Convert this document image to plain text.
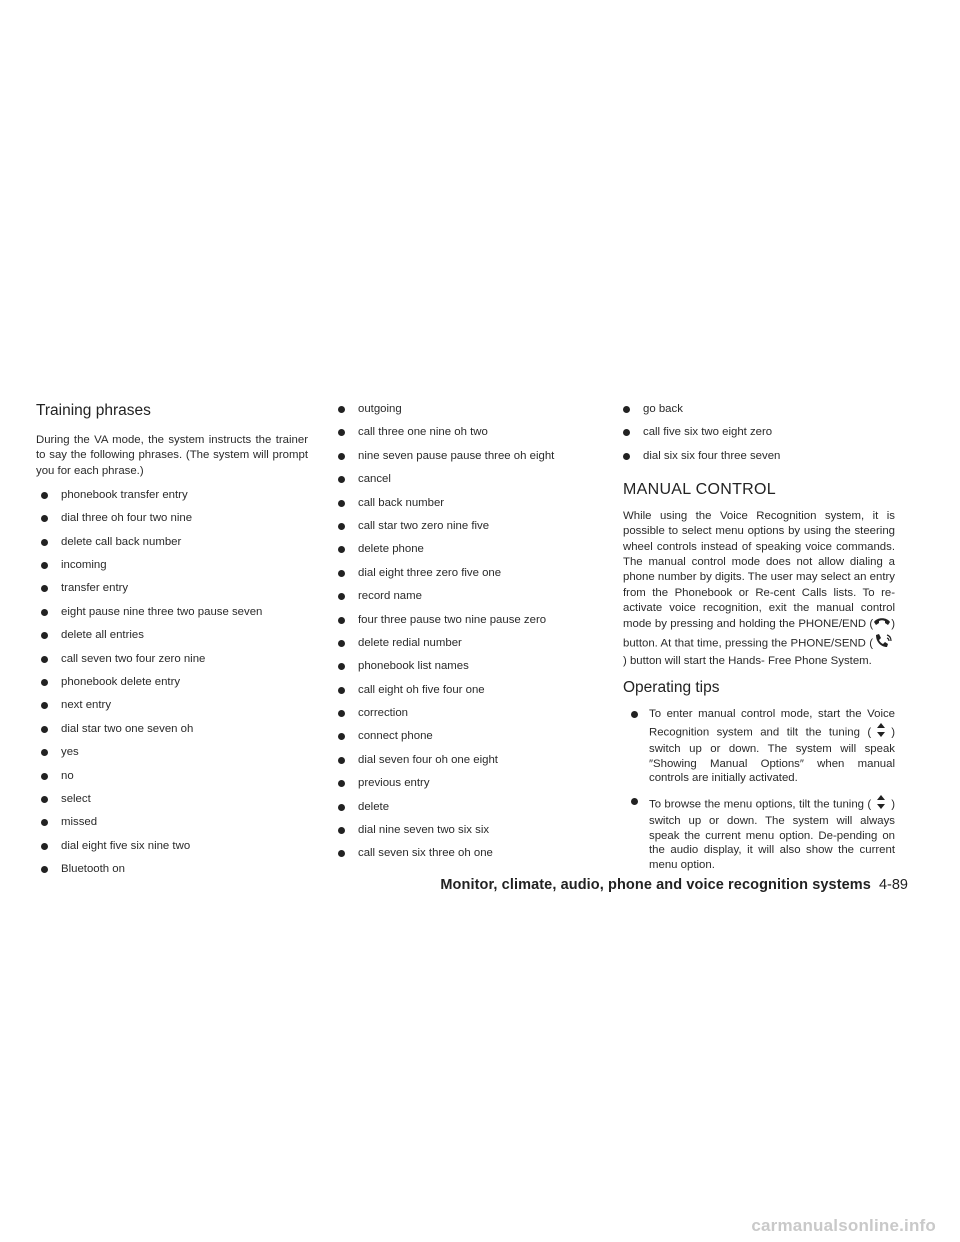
Training phrases

During the VA mode, the system instructs the trainer to say the following phrases. (The system will prompt you for each phrase.)

phonebook transfer entry
dial three oh four two nine
delete call back number
incoming
transfer entry
eight pause nine three two pause seven
delete all entries
call seven two four zero nine
phonebook delete entry
next entry
dial star two one seven oh
yes
no
select
missed
dial eight five six nine two
Bluetooth on
outgoing
call three one nine oh two
nine seven pause pause three oh eight
cancel
call back number
call star two zero nine five
delete phone
dial eight three zero five one
record name
four three pause two nine pause zero
delete redial number
phonebook list names
call eight oh five four one
correction
connect phone
dial seven four oh one eight
previous entry
delete
dial nine seven two six six
call seven six three oh one
go back
call five six two eight zero
dial six six four three seven
MANUAL CONTROL

While using the Voice Recognition system, it is possible to select menu options by using the steering wheel controls instead of speaking voice commands. The manual control mode does not allow dialing a phone number by digits. The user may select an entry from the Phonebook or Re-cent Calls lists. To re-activate voice recognition, exit the manual control mode by pressing and holding the PHONE/END ( ) button. At that time, pressing the PHONE/SEND () button will start the Hands- Free Phone System.

Operating tips
To enter manual control mode, start the Voice Recognition system and tilt the tuning ( ) switch up or down. The system will speak ″Showing Manual Options″ when manual controls are initially activated.
To browse the menu options, tilt the tuning ( ) switch up or down. The system will always speak the current menu option. De-pending on the audio display, it will also show the current menu option.
Monitor, climate, audio, phone and voice recognition systems 4-89
carmanualsonline.info
